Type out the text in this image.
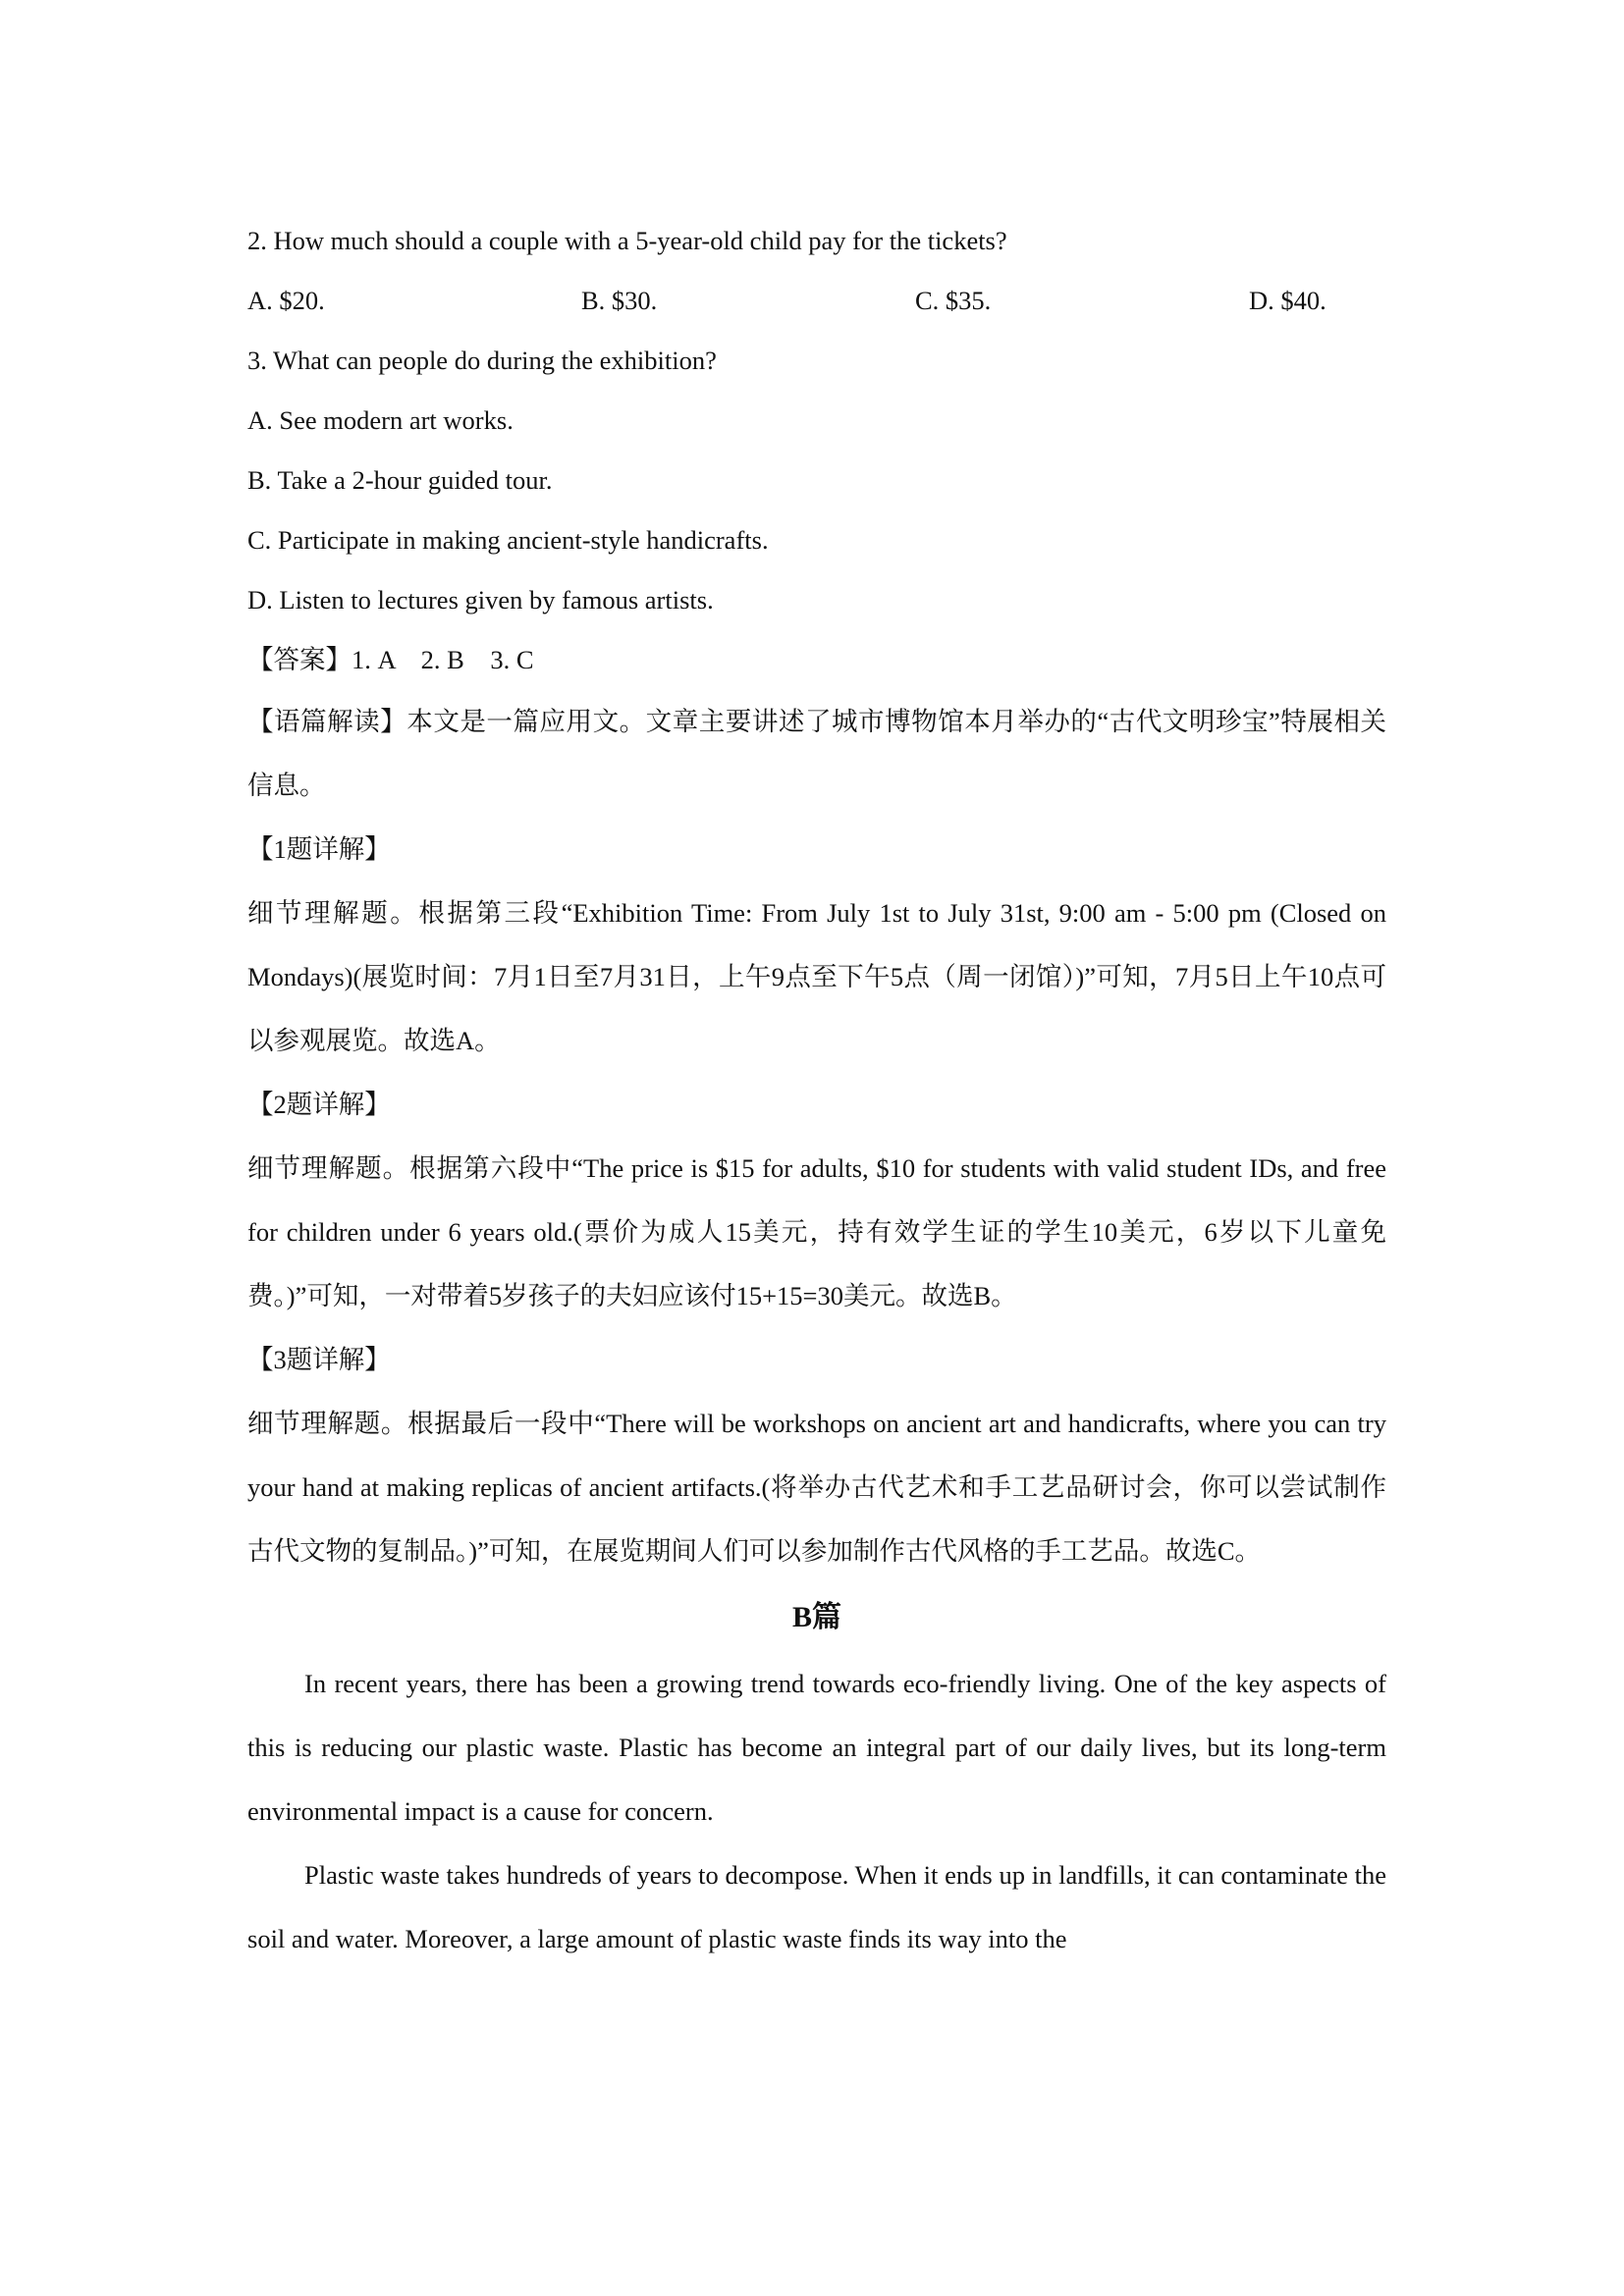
2. How much should a couple with a 5-year-old child pay for the tickets?

A. $20.	B. $30.	C. $35.	D. $40.

3. What can people do during the exhibition?

A. See modern art works.

B. Take a 2-hour guided tour.

C. Participate in making ancient-style handicrafts.

D. Listen to lectures given by famous artists.

【答案】1. A　2. B　3. C

【语篇解读】本文是一篇应用文。文章主要讲述了城市博物馆本月举办的“古代文明珍宝”特展相关信息。

【1题详解】

细节理解题。根据第三段“Exhibition Time: From July 1st to July 31st, 9:00 am - 5:00 pm (Closed on Mondays)(展览时间：7月1日至7月31日，上午9点至下午5点（周一闭馆）)”可知，7月5日上午10点可以参观展览。故选A。

【2题详解】

细节理解题。根据第六段中“The price is $15 for adults, $10 for students with valid student IDs, and free for children under 6 years old.(票价为成人15美元，持有效学生证的学生10美元，6岁以下儿童免费。)”可知，一对带着5岁孩子的夫妇应该付15+15=30美元。故选B。

【3题详解】

细节理解题。根据最后一段中“There will be workshops on ancient art and handicrafts, where you can try your hand at making replicas of ancient artifacts.(将举办古代艺术和手工艺品研讨会，你可以尝试制作古代文物的复制品。)”可知，在展览期间人们可以参加制作古代风格的手工艺品。故选C。

B篇

In recent years, there has been a growing trend towards eco-friendly living. One of the key aspects of this is reducing our plastic waste. Plastic has become an integral part of our daily lives, but its long-term environmental impact is a cause for concern.

Plastic waste takes hundreds of years to decompose. When it ends up in landfills, it can contaminate the soil and water. Moreover, a large amount of plastic waste finds its way into the
